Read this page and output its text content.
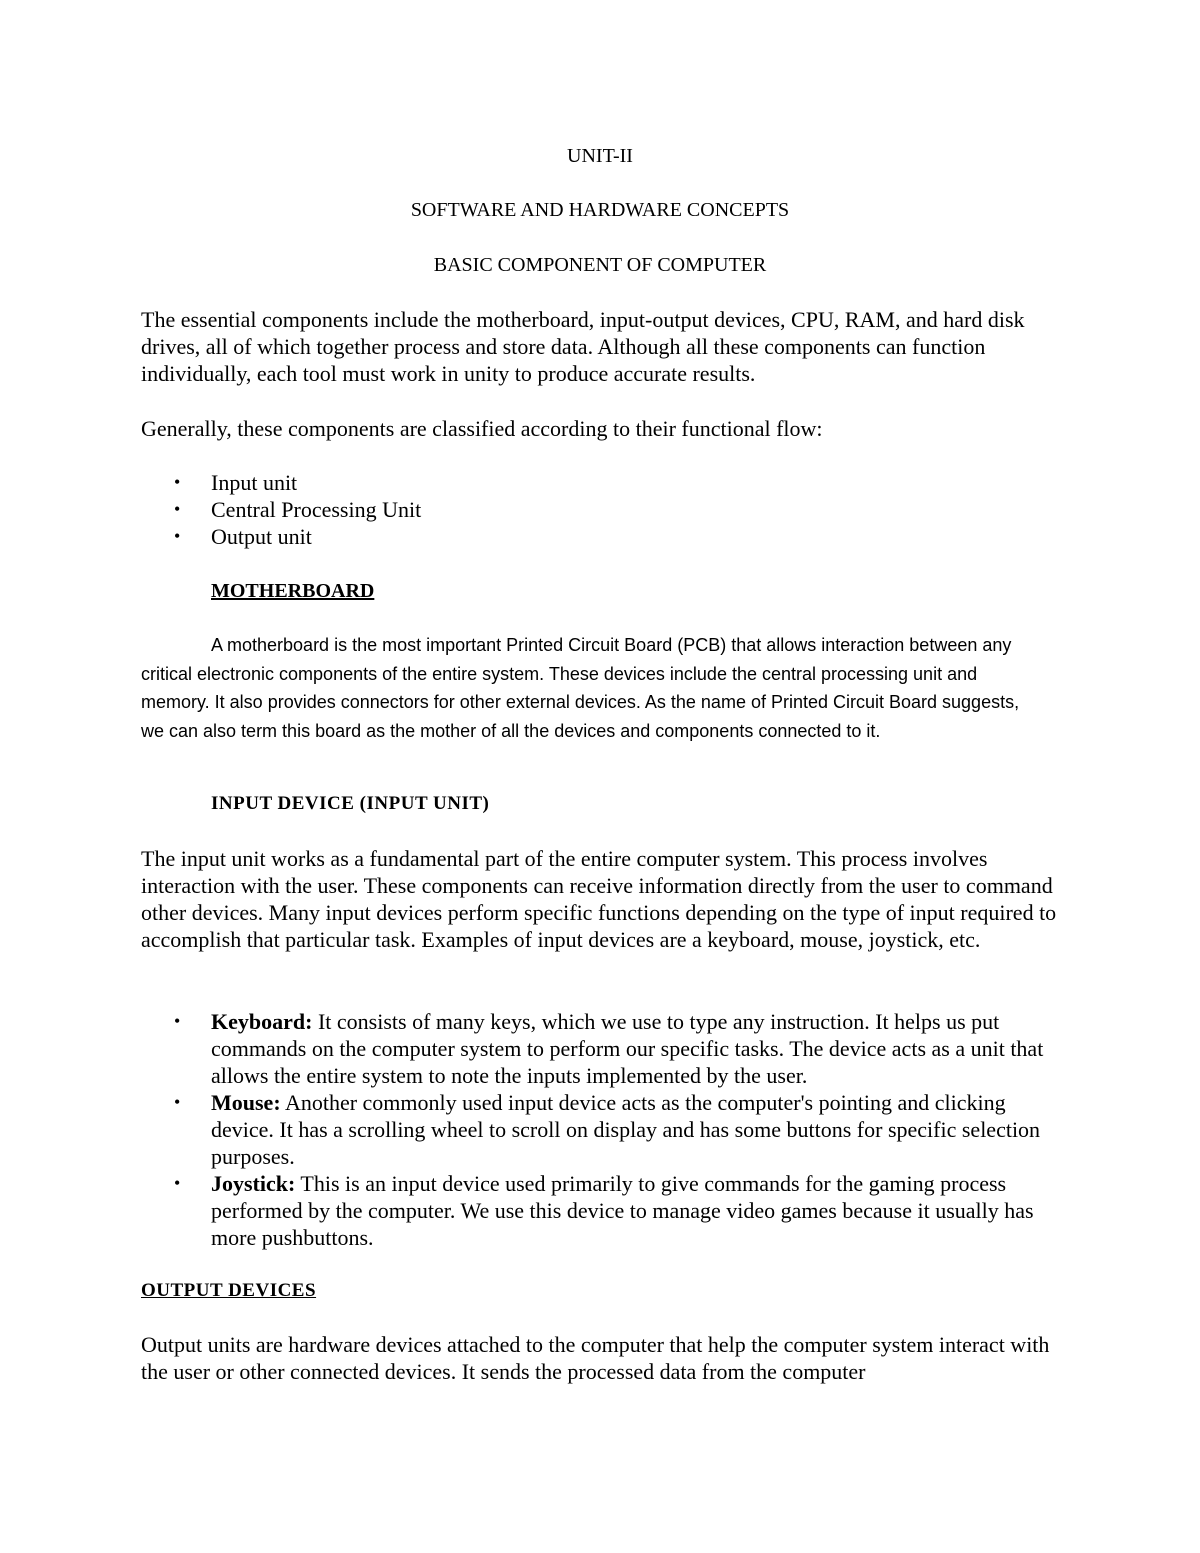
UNIT-II

SOFTWARE AND HARDWARE CONCEPTS

BASIC COMPONENT OF COMPUTER

The essential components include the motherboard, input-output devices, CPU, RAM, and hard disk drives, all of which together process and store data. Although all these components can function individually, each tool must work in unity to produce accurate results.

Generally, these components are classified according to their functional flow:

• Input unit
• Central Processing Unit
• Output unit

MOTHERBOARD

A motherboard is the most important Printed Circuit Board (PCB) that allows interaction between any critical electronic components of the entire system. These devices include the central processing unit and memory. It also provides connectors for other external devices. As the name of Printed Circuit Board suggests, we can also term this board as the mother of all the devices and components connected to it.

INPUT DEVICE (INPUT UNIT)

The input unit works as a fundamental part of the entire computer system. This process involves interaction with the user. These components can receive information directly from the user to command other devices. Many input devices perform specific functions depending on the type of input required to accomplish that particular task. Examples of input devices are a keyboard, mouse, joystick, etc.

• Keyboard: It consists of many keys, which we use to type any instruction. It helps us put commands on the computer system to perform our specific tasks. The device acts as a unit that allows the entire system to note the inputs implemented by the user.
• Mouse: Another commonly used input device acts as the computer's pointing and clicking device. It has a scrolling wheel to scroll on display and has some buttons for specific selection purposes.
• Joystick: This is an input device used primarily to give commands for the gaming process performed by the computer. We use this device to manage video games because it usually has more pushbuttons.

OUTPUT DEVICES

Output units are hardware devices attached to the computer that help the computer system interact with the user or other connected devices. It sends the processed data from the computer
